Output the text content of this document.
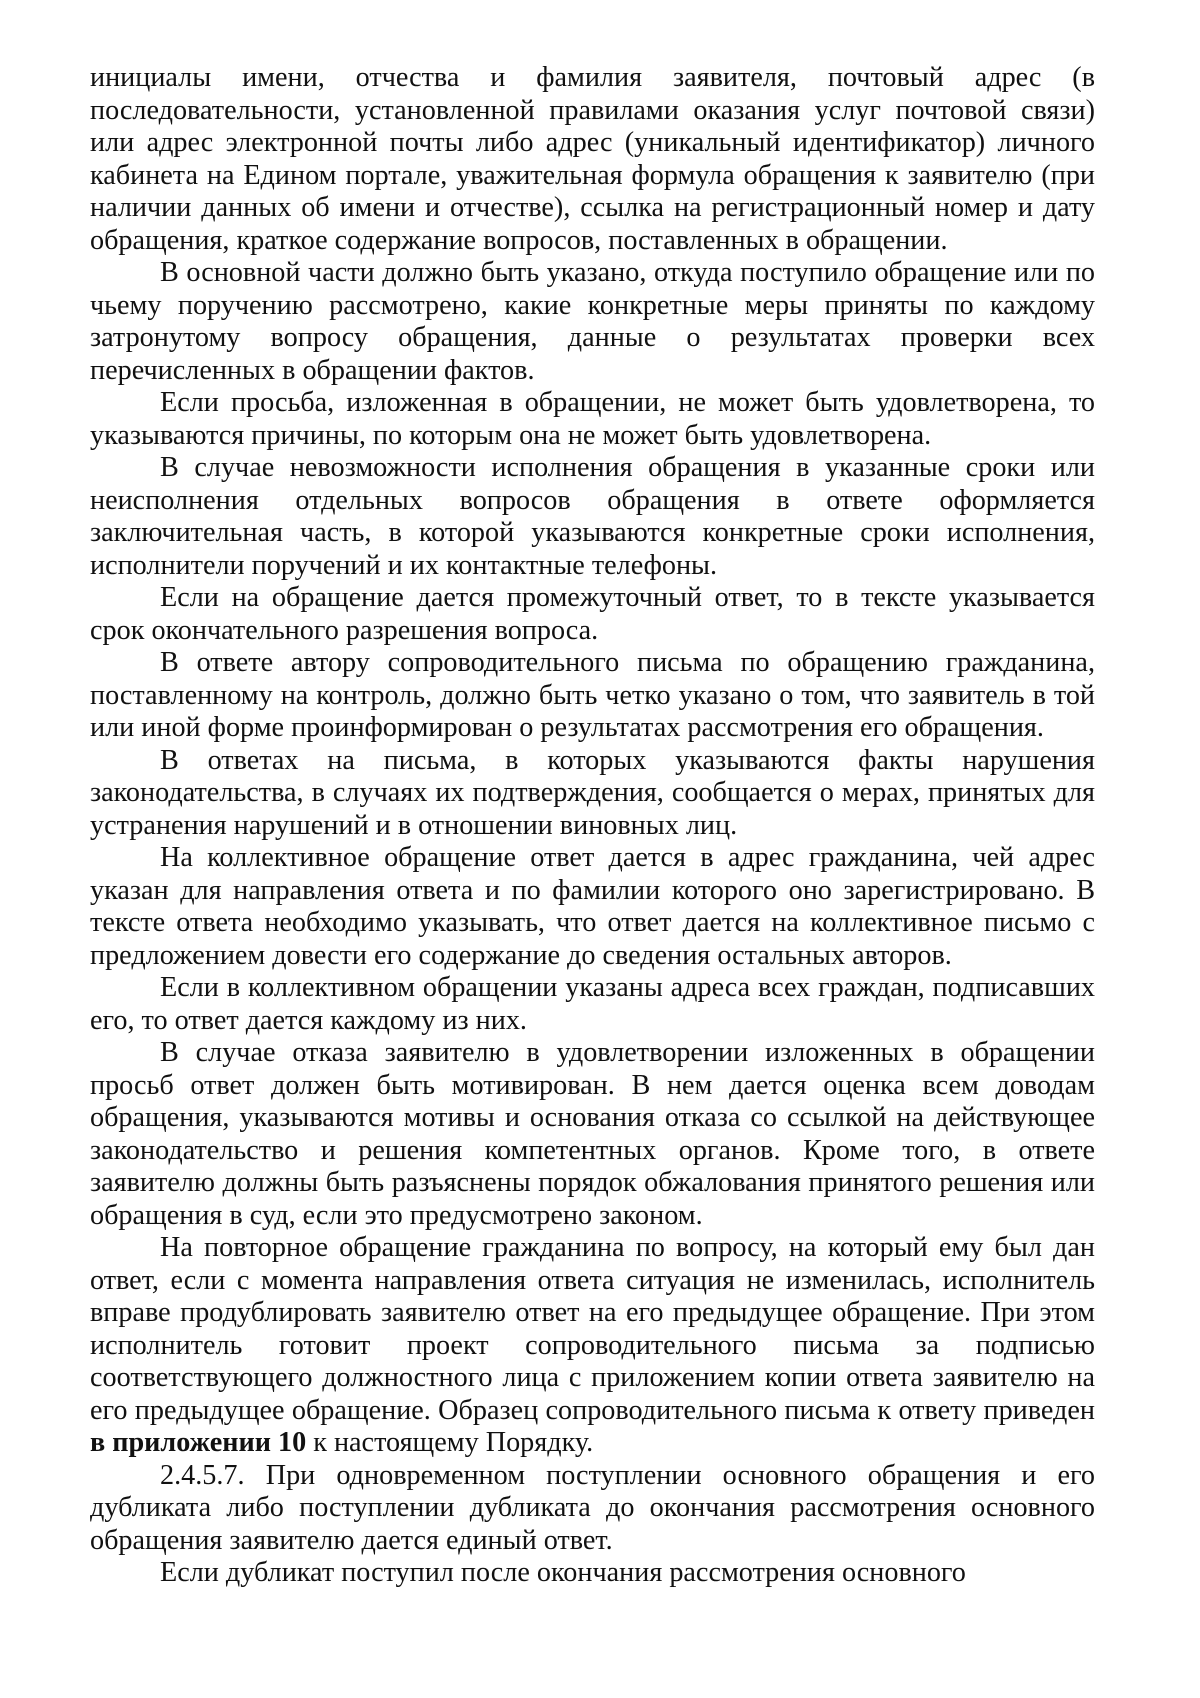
инициалы имени, отчества и фамилия заявителя, почтовый адрес (в последовательности, установленной правилами оказания услуг почтовой связи) или адрес электронной почты либо адрес (уникальный идентификатор) личного кабинета на Едином портале, уважительная формула обращения к заявителю (при наличии данных об имени и отчестве), ссылка на регистрационный номер и дату обращения, краткое содержание вопросов, поставленных в обращении.

В основной части должно быть указано, откуда поступило обращение или по чьему поручению рассмотрено, какие конкретные меры приняты по каждому затронутому вопросу обращения, данные о результатах проверки всех перечисленных в обращении фактов.

Если просьба, изложенная в обращении, не может быть удовлетворена, то указываются причины, по которым она не может быть удовлетворена.

В случае невозможности исполнения обращения в указанные сроки или неисполнения отдельных вопросов обращения в ответе оформляется заключительная часть, в которой указываются конкретные сроки исполнения, исполнители поручений и их контактные телефоны.

Если на обращение дается промежуточный ответ, то в тексте указывается срок окончательного разрешения вопроса.

В ответе автору сопроводительного письма по обращению гражданина, поставленному на контроль, должно быть четко указано о том, что заявитель в той или иной форме проинформирован о результатах рассмотрения его обращения.

В ответах на письма, в которых указываются факты нарушения законодательства, в случаях их подтверждения, сообщается о мерах, принятых для устранения нарушений и в отношении виновных лиц.

На коллективное обращение ответ дается в адрес гражданина, чей адрес указан для направления ответа и по фамилии которого оно зарегистрировано. В тексте ответа необходимо указывать, что ответ дается на коллективное письмо с предложением довести его содержание до сведения остальных авторов.

Если в коллективном обращении указаны адреса всех граждан, подписавших его, то ответ дается каждому из них.

В случае отказа заявителю в удовлетворении изложенных в обращении просьб ответ должен быть мотивирован. В нем дается оценка всем доводам обращения, указываются мотивы и основания отказа со ссылкой на действующее законодательство и решения компетентных органов. Кроме того, в ответе заявителю должны быть разъяснены порядок обжалования принятого решения или обращения в суд, если это предусмотрено законом.

На повторное обращение гражданина по вопросу, на который ему был дан ответ, если с момента направления ответа ситуация не изменилась, исполнитель вправе продублировать заявителю ответ на его предыдущее обращение. При этом исполнитель готовит проект сопроводительного письма за подписью соответствующего должностного лица с приложением копии ответа заявителю на его предыдущее обращение. Образец сопроводительного письма к ответу приведен в приложении 10 к настоящему Порядку.

2.4.5.7. При одновременном поступлении основного обращения и его дубликата либо поступлении дубликата до окончания рассмотрения основного обращения заявителю дается единый ответ.

Если дубликат поступил после окончания рассмотрения основного
